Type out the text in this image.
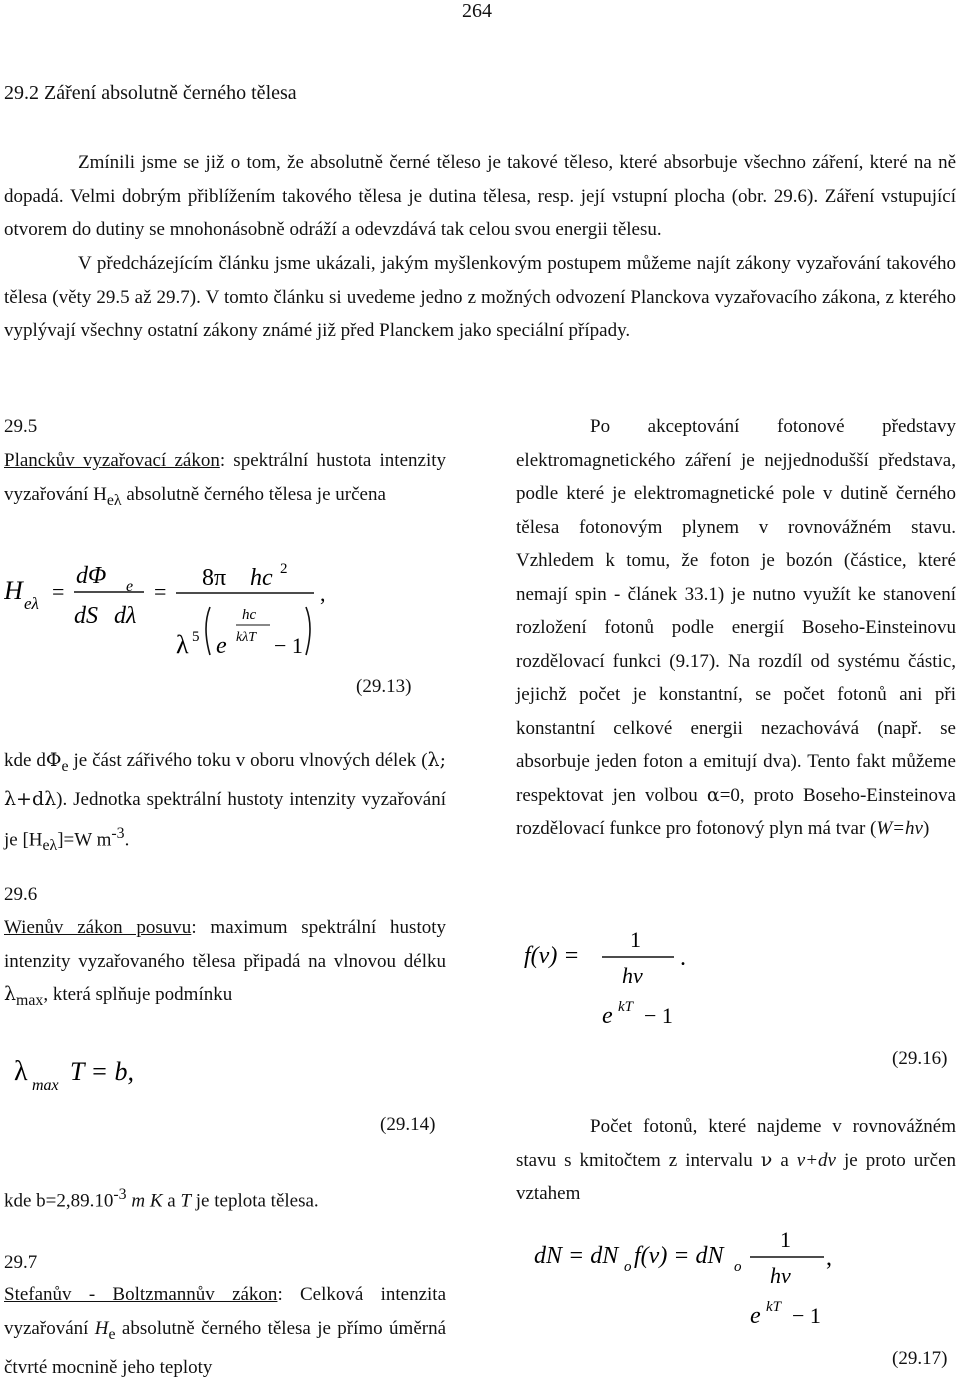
264
29.2 Záření absolutně černého tělesa

Zmínili jsme se již o tom, že absolutně černé těleso je takové těleso, které absorbuje všechno záření, které na ně dopadá. Velmi dobrým přiblížením takového tělesa je dutina tělesa, resp. její vstupní plocha (obr. 29.6). Záření vstupující otvorem do dutiny se mnohonásobně odráží a odevzdává tak celou svou energii tělesu.

V předcházejícím článku jsme ukázali, jakým myšlenkovým postupem můžeme najít zákony vyzařování takového tělesa (věty 29.5 až 29.7). V tomto článku si uvedeme jedno z možných odvození Planckova vyzařovacího zákona, z kterého vyplývají všechny ostatní zákony známé již před Planckem jako speciální případy.

29.5
Planckův vyzařovací zákon: spektrální hustota intenzity vyzařování $H_{e\lambda}$ absolutně černého tělesa je určena
H eλ =
dΦ e
dS dλ
=
8π hc 2
λ 5 e
hc
kλT − 1
,
(29.13)
kde $d\Phi_e$ je část zářivého toku v oboru vlnových délek (λ; λ+dλ). Jednotka spektrální hustoty intenzity vyzařování je $[H_{e\lambda}]=W$ $m^{-3}$.
29.6
Wienův zákon posuvu: maximum spektrální hustoty intenzity vyzařovaného tělesa připadá na vlnovou délku $\lambda_{max}$, která splňuje podmínku
λ max T = b,
(29.14)
kde $b=2,89.10^{-3}$ m K a T je teplota tělesa.
29.7
Stefanův - Boltzmannův zákon: Celková intenzita vyzařování $H_e$ absolutně černého tělesa je přímo úměrná čtvrté mocnině jeho teploty
Po akceptování fotonové představy elektromagnetického záření je nejjednodušší představa, podle které je elektromagnetické pole v dutině černého tělesa fotonovým plynem v rovnovážném stavu. Vzhledem k tomu, že foton je bozón (částice, které nemají spin - článek 33.1) je nutno využít ke stanovení rozložení fotonů podle energií Boseho-Einsteinovu rozdělovací funkci (9.17). Na rozdíl od systému částic, jejichž počet je konstantní, se počet fotonů ani při konstantní celkové energii nezachovává (např. se absorbuje jeden foton a emitují dva). Tento fakt můžeme respektovat jen volbou α=0, proto Boseho-Einsteinova rozdělovací funkce pro fotonový plyn má tvar (W=hν)
f(ν) =
1
hν
e kT − 1
.
(29.16)
Počet fotonů, které najdeme v rovnovážném stavu s kmitočtem z intervalu ν a ν+dν je proto určen vztahem
dN = dN o f(ν) = dN o
1
hν
e kT − 1
,
(29.17)
